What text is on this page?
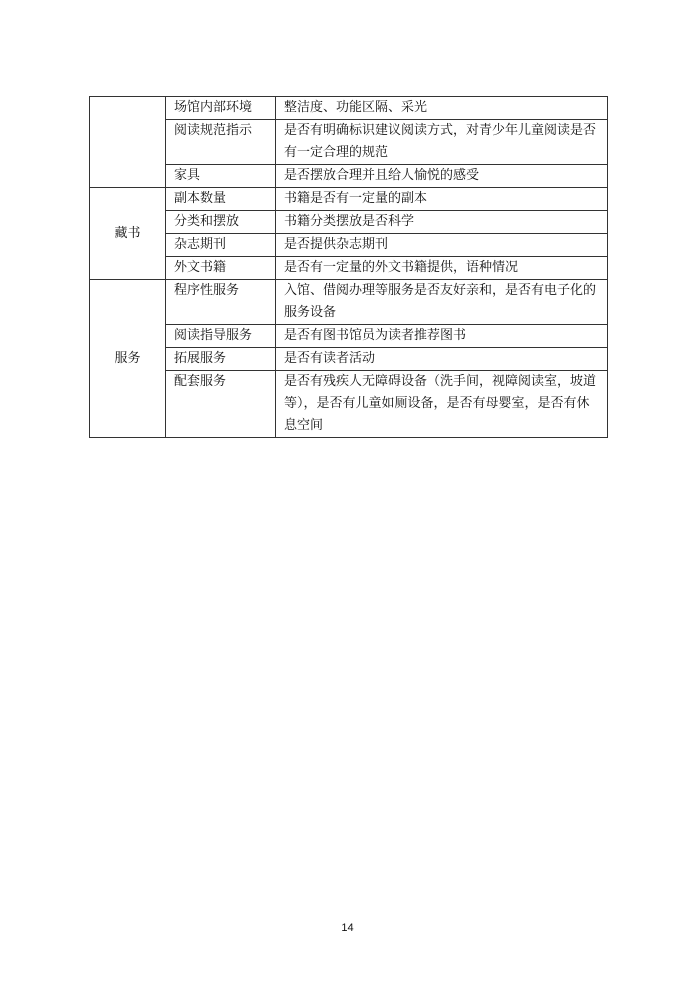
	场馆内部环境	整洁度、功能区隔、采光
	阅读规范指示	是否有明确标识建议阅读方式，对青少年儿童阅读是否有一定合理的规范
	家具	是否摆放合理并且给人愉悦的感受
藏书	副本数量	书籍是否有一定量的副本
	分类和摆放	书籍分类摆放是否科学
	杂志期刊	是否提供杂志期刊
	外文书籍	是否有一定量的外文书籍提供，语种情况
服务	程序性服务	入馆、借阅办理等服务是否友好亲和，是否有电子化的服务设备
	阅读指导服务	是否有图书馆员为读者推荐图书
	拓展服务	是否有读者活动
	配套服务	是否有残疾人无障碍设备（洗手间，视障阅读室，坡道等），是否有儿童如厕设备，是否有母婴室，是否有休息空间
14
